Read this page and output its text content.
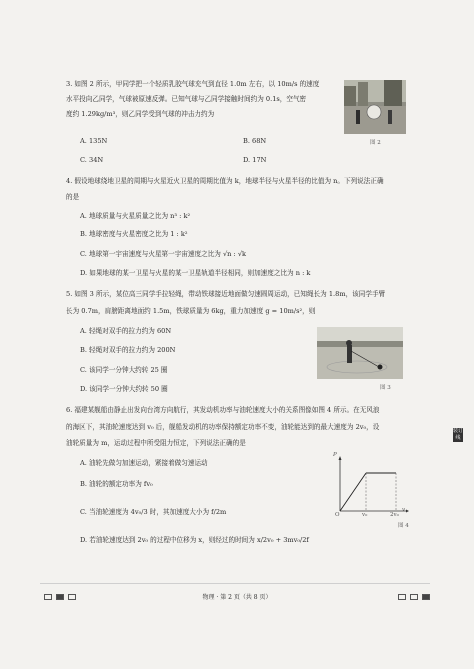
3. 如图 2 所示，甲同学把一个轻质乳胶气球充气到直径 1.0m 左右，以 10m/s 的速度
水平投向乙同学，气球被原速反弹。已知气球与乙同学接触时间约为 0.1s，空气密
度约 1.29kg/m³，则乙同学受到气球的冲击力约为
A. 135N	B. 68N
C. 34N	D. 17N
图 2
4. 假设地球绕地卫星的周期与火星近火卫星的周期比值为 k，地球半径与火星半径的比值为 n。下列说法正确
的是
A. 地球质量与火星质量之比为 n³ : k²
B. 地球密度与火星密度之比为 1 : k²
C. 地球第一宇宙速度与火星第一宇宙速度之比为 √n : √k
D. 如果地球的某一卫星与火星的某一卫星轨道半径相同，则加速度之比为 n : k
5. 如图 3 所示，某位高三同学手拉轻绳，带动铁球接近地面做匀速圆周运动，已知绳长为 1.8m，该同学手臂
长为 0.7m，肩膀距离地面约 1.5m，铁球质量为 6kg，重力加速度 g = 10m/s²，则
A. 轻绳对双手的拉力约为 60N
B. 轻绳对双手的拉力约为 200N
C. 该同学一分钟大约转 25 圈
D. 该同学一分钟大约转 50 圈	图 3
6. 福建某舰船由静止出发向台湾方向航行，其发动机功率与油轮速度大小的关系图像如图 4 所示。在无风浪
的海区下，其油轮速度达到 v₀ 后，舰船发动机的功率保持额定功率不变，油轮能达到的最大速度为 2v₀，设
油轮质量为 m，运动过程中所受阻力恒定，下列说法正确的是
A. 油轮先做匀加速运动，紧接着做匀速运动
B. 油轮的额定功率为 fv₀
C. 当油轮速度为 4v₀/3 时，其加速度大小为 f/2m
D. 若油轮速度达到 2v₀ 的过程中位移为 x，则经过的时间为 x/2v₀ + 3mv₀/2f
P
v
O	v₀	2v₀
图 4
装订线
物理 · 第 2 页（共 8 页）
